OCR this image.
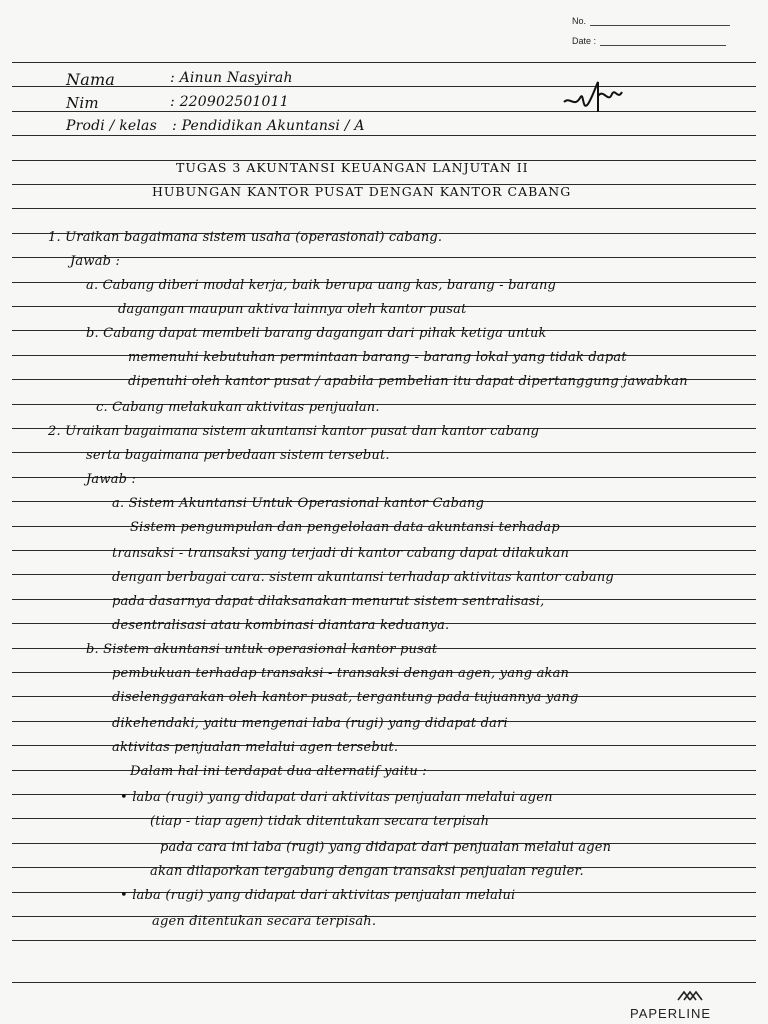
No.
Date :
Nama	: Ainun Nasyirah
Nim	: 220902501011
Prodi / kelas : Pendidikan Akuntansi / A
TUGAS 3 AKUNTANSI KEUANGAN LANJUTAN II
HUBUNGAN KANTOR PUSAT DENGAN KANTOR CABANG
1. Uraikan bagaimana sistem usaha (operasional) cabang.
Jawab :
a. Cabang diberi modal kerja, baik berupa uang kas, barang - barang
dagangan maupun aktiva lainnya oleh kantor pusat
b. Cabang dapat membeli barang dagangan dari pihak ketiga untuk
memenuhi kebutuhan permintaan barang - barang lokal yang tidak dapat
dipenuhi oleh kantor pusat / apabila pembelian itu dapat dipertanggung jawabkan
c. Cabang melakukan aktivitas penjualan.
2. Uraikan bagaimana sistem akuntansi kantor pusat dan kantor cabang
serta bagaimana perbedaan sistem tersebut.
Jawab :
a. Sistem Akuntansi Untuk Operasional kantor Cabang
Sistem pengumpulan dan pengelolaan data akuntansi terhadap
transaksi - transaksi yang terjadi di kantor cabang dapat dilakukan
dengan berbagai cara. sistem akuntansi terhadap aktivitas kantor cabang
pada dasarnya dapat dilaksanakan menurut sistem sentralisasi,
desentralisasi atau kombinasi diantara keduanya.
b. Sistem akuntansi untuk operasional kantor pusat
pembukuan terhadap transaksi - transaksi dengan agen, yang akan
diselenggarakan oleh kantor pusat, tergantung pada tujuannya yang
dikehendaki, yaitu mengenai laba (rugi) yang didapat dari
aktivitas penjualan melalui agen tersebut.
Dalam hal ini terdapat dua alternatif yaitu :
• laba (rugi) yang didapat dari aktivitas penjualan melalui agen
(tiap - tiap agen) tidak ditentukan secara terpisah
pada cara ini laba (rugi) yang didapat dari penjualan melalui agen
akan dilaporkan tergabung dengan transaksi penjualan reguler.
• laba (rugi) yang didapat dari aktivitas penjualan melalui
agen ditentukan secara terpisah.
PAPERLINE
